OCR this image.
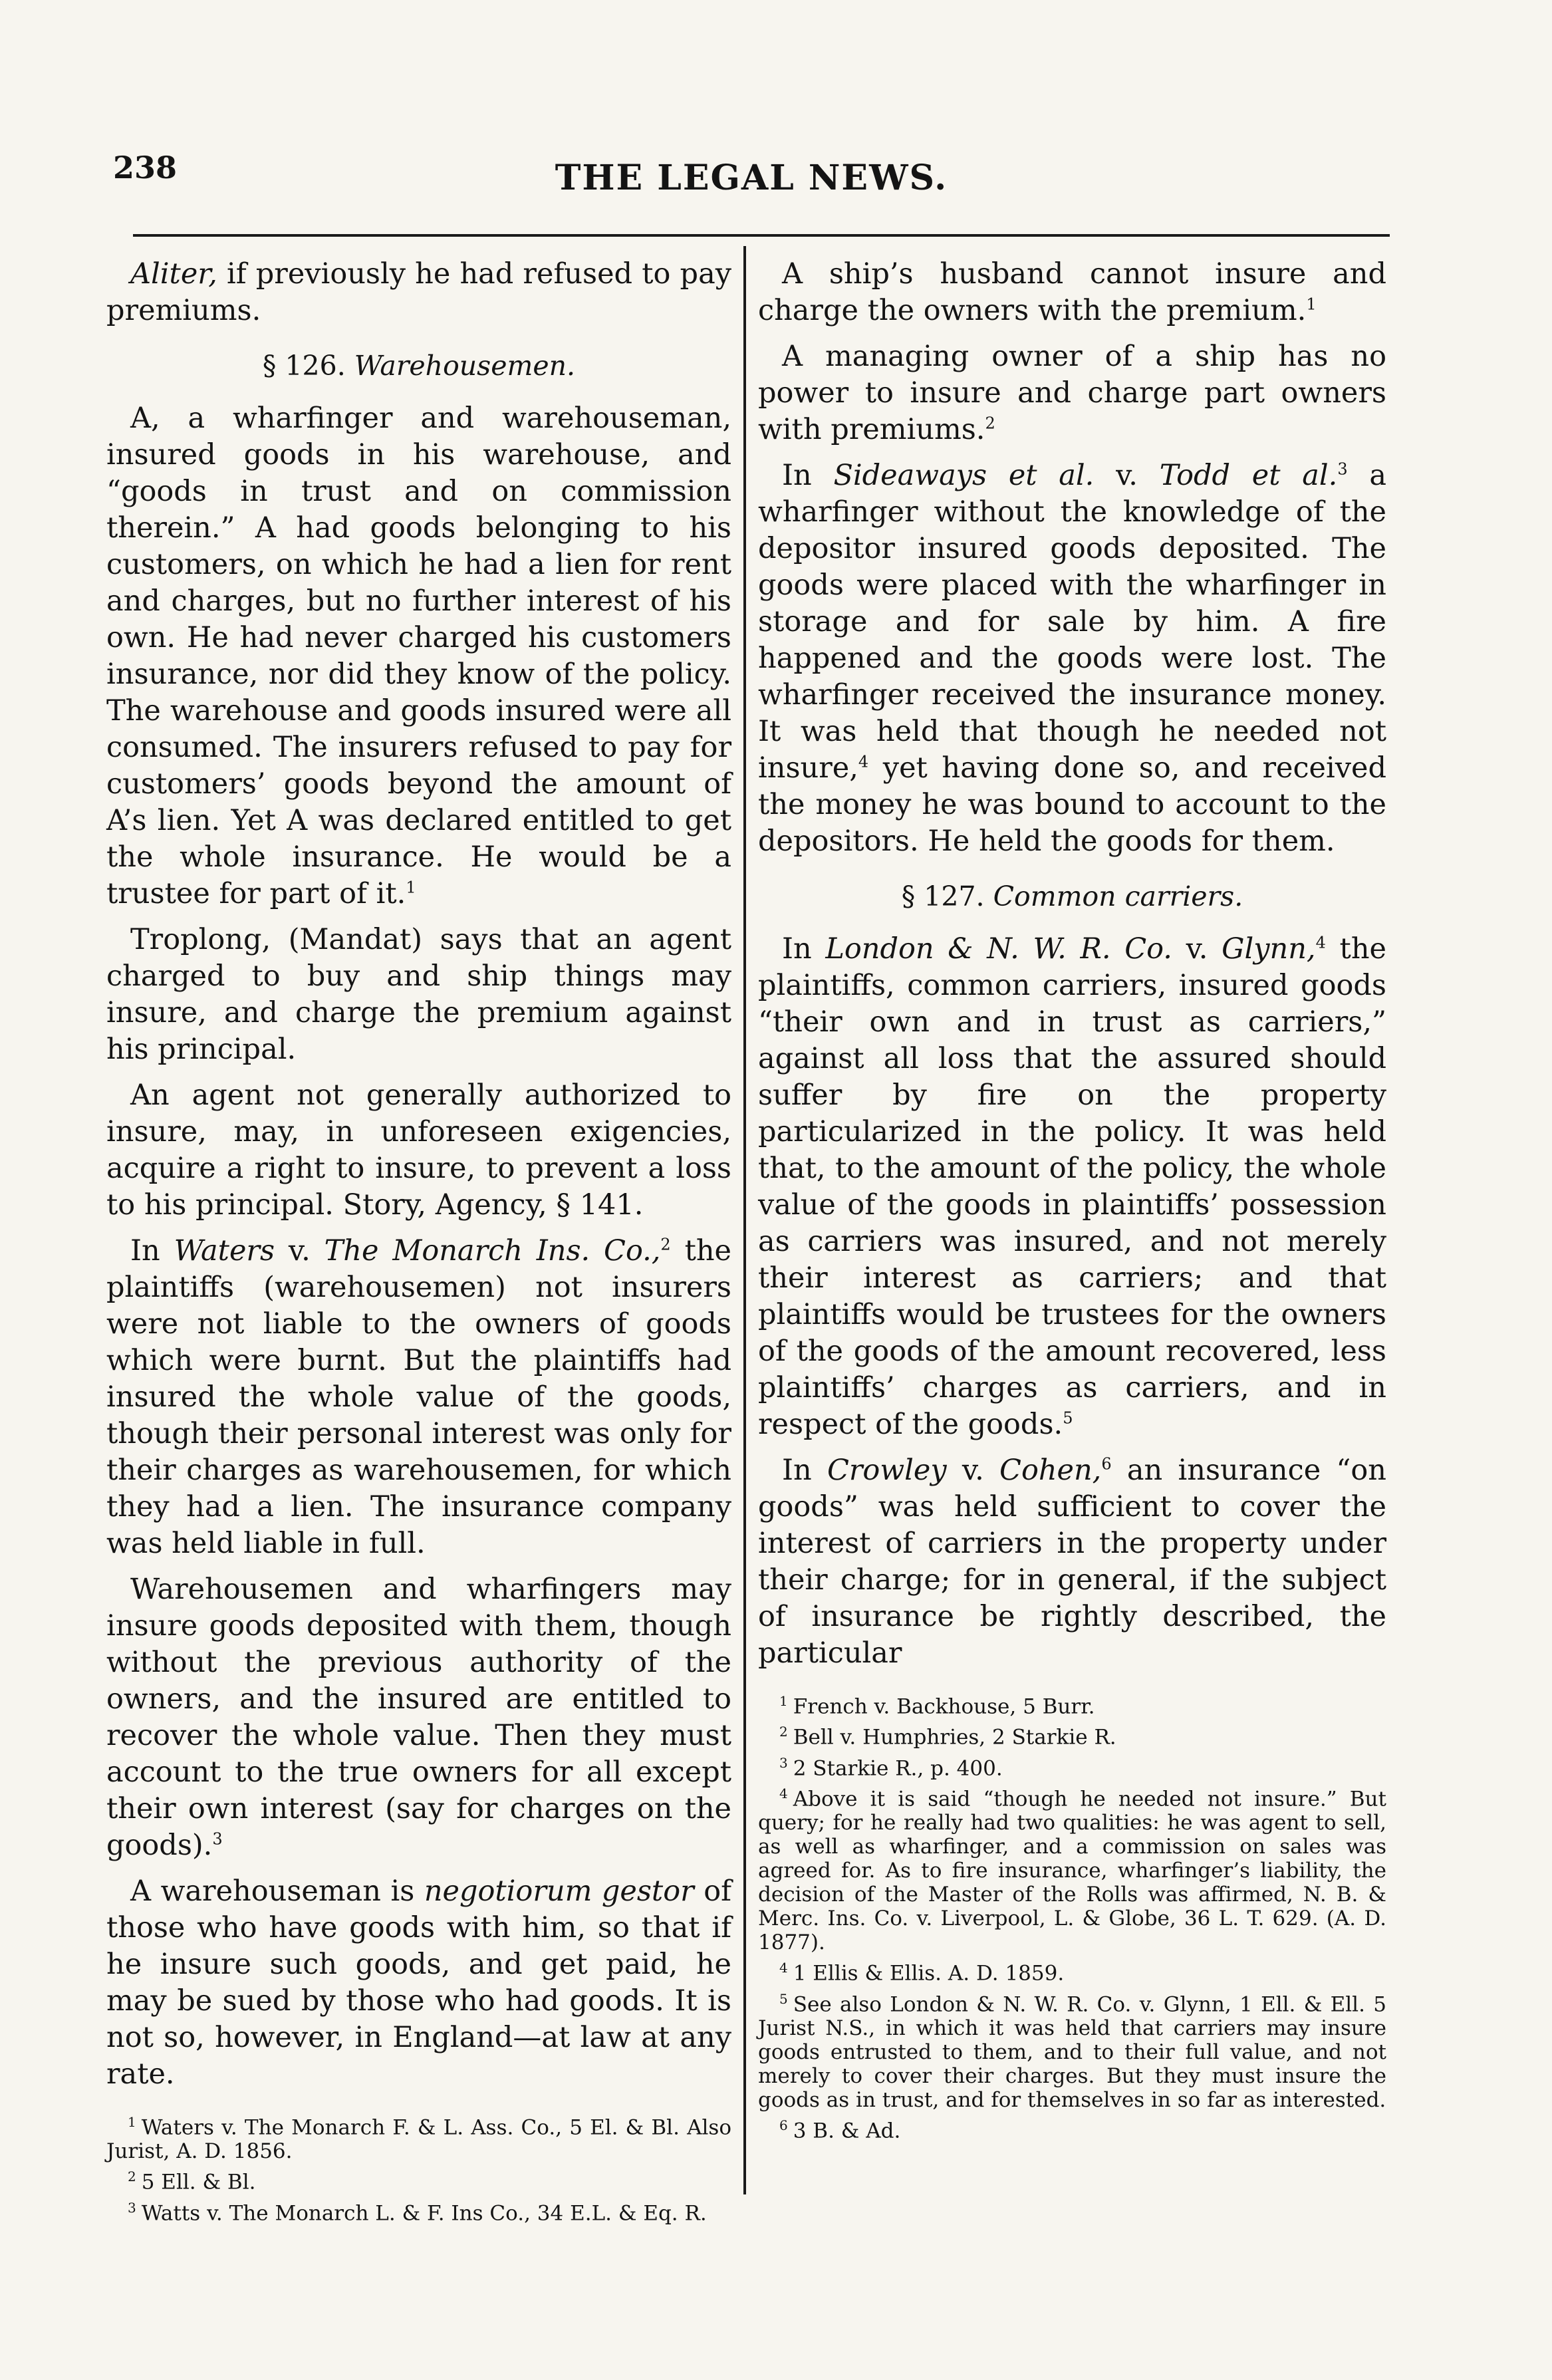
238	THE LEGAL NEWS.

Aliter, if previously he had refused to pay premiums.

§ 126. Warehousemen.

A, a wharfinger and warehouseman, insured goods in his warehouse, and “goods in trust and on commission therein.” A had goods belonging to his customers, on which he had a lien for rent and charges, but no further interest of his own. He had never charged his customers insurance, nor did they know of the policy. The warehouse and goods insured were all consumed. The insurers refused to pay for customers’ goods beyond the amount of A’s lien. Yet A was declared entitled to get the whole insurance. He would be a trustee for part of it.$^1$

Troplong, (Mandat) says that an agent charged to buy and ship things may insure, and charge the premium against his principal.

An agent not generally authorized to insure, may, in unforeseen exigencies, acquire a right to insure, to prevent a loss to his principal. Story, Agency, § 141.

In Waters v. The Monarch Ins. Co.,$^2$ the plaintiffs (warehousemen) not insurers were not liable to the owners of goods which were burnt. But the plaintiffs had insured the whole value of the goods, though their personal interest was only for their charges as warehousemen, for which they had a lien. The insurance company was held liable in full.

Warehousemen and wharfingers may insure goods deposited with them, though without the previous authority of the owners, and the insured are entitled to recover the whole value. Then they must account to the true owners for all except their own interest (say for charges on the goods).$^3$

A warehouseman is negotiorum gestor of those who have goods with him, so that if he insure such goods, and get paid, he may be sued by those who had goods. It is not so, however, in England—at law at any rate.

$^1$ Waters v. The Monarch F. & L. Ass. Co., 5 El. & Bl. Also Jurist, A. D. 1856.
$^2$ 5 Ell. & Bl.
$^3$ Watts v. The Monarch L. & F. Ins Co., 34 E.L. & Eq. R.

A ship’s husband cannot insure and charge the owners with the premium.$^1$

A managing owner of a ship has no power to insure and charge part owners with premiums.$^2$

In Sideaways et al. v. Todd et al.$^3$ a wharfinger without the knowledge of the depositor insured goods deposited. The goods were placed with the wharfinger in storage and for sale by him. A fire happened and the goods were lost. The wharfinger received the insurance money. It was held that though he needed not insure,$^4$ yet having done so, and received the money he was bound to account to the depositors. He held the goods for them.

§ 127. Common carriers.

In London & N. W. R. Co. v. Glynn,$^4$ the plaintiffs, common carriers, insured goods “their own and in trust as carriers,” against all loss that the assured should suffer by fire on the property particularized in the policy. It was held that, to the amount of the policy, the whole value of the goods in plaintiffs’ possession as carriers was insured, and not merely their interest as carriers; and that plaintiffs would be trustees for the owners of the goods of the amount recovered, less plaintiffs’ charges as carriers, and in respect of the goods.$^5$

In Crowley v. Cohen,$^6$ an insurance “on goods” was held sufficient to cover the interest of carriers in the property under their charge; for in general, if the subject of insurance be rightly described, the particular

$^1$ French v. Backhouse, 5 Burr.
$^2$ Bell v. Humphries, 2 Starkie R.
$^3$ 2 Starkie R., p. 400.
$^4$ Above it is said “though he needed not insure.” But query; for he really had two qualities: he was agent to sell, as well as wharfinger, and a commission on sales was agreed for. As to fire insurance, wharfinger’s liability, the decision of the Master of the Rolls was affirmed, N. B. & Merc. Ins. Co. v. Liverpool, L. & Globe, 36 L. T. 629. (A. D. 1877).
$^4$ 1 Ellis & Ellis. A. D. 1859.
$^5$ See also London & N. W. R. Co. v. Glynn, 1 Ell. & Ell. 5 Jurist N.S., in which it was held that carriers may insure goods entrusted to them, and to their full value, and not merely to cover their charges. But they must insure the goods as in trust, and for themselves in so far as interested.
$^6$ 3 B. & Ad.
